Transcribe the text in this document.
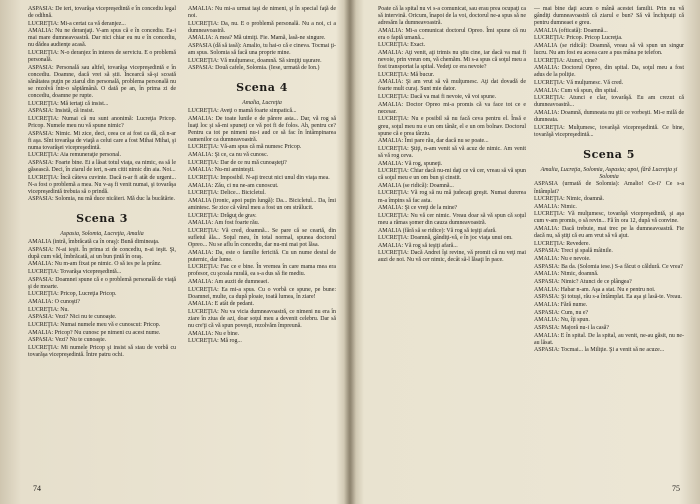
ASPASIA: De ieri, tovarăşa vicepreşedintă e în concediu legal de odihnă.

LUCREŢIA: Mi-a certat ca vă deranjez...

AMALIA: Nu ne deranjaţi. V-am spus că e în concediu. Ea-i mai mare dumneavoastră. Dar nici chiar eu nu e în concediu, nu dădea audienţe acasă.

LUCREŢIA: N-o deranjez în interes de serviciu. E o problemă personală.

ASPASIA: Personală sau altfel, tovarăşa vicepreşedintă e în concediu. Doamne, dacă vrei să știi. Încearcă să-şi scoată sănătatea puţin pe ziarul din personală, problema personală nu se rezolvă într-o săptămână. O dată pe an, în prima zi de concediu, doamne pe rupte.

LUCREŢIA: Mă iertaţi că insist...

ASPASIA: Insistă, că insist.

LUCREŢIA: Numai că nu sunt anonimă: Lucreţia Pricop. Pricop. Numele meu nu vă spune nimic?

ASPASIA: Nimic. Mi zice, deci, ceea ce ai fost ca dă, că n-ar fi aşa. Sînt tovarăşa de viaţă a celui care a fost Mihai Mihai, şi numa tovarăşei vicepreşedintă.

LUCREŢIA: Aia remuneraţie personal.

ASPASIA: Foarte bine. Ei a lăsat totul viaţa, ea nimic, ea să le găsească. Deci, în ziarul de ieri, n-am citit nimic din aia. Noi...

LUCREŢIA: Încă câteva cuvinte. Dacă n-ar fi atât de urgent... N-a fost o problemă a mea. Nu v-aş fi venit numai, şi tovarăşa vicepreşedintă trebuia să o prindă.

ASPASIA: Solomia, nu mă duce nicăieri. Mă duc la bucătărie.

Scena 3

Aspasia, Solomia, Lucreţia, Amalia

AMALIA (intră, îmbrăcată ca în oraş): Bună dimineaţa.

ASPASIA: N-ai ieşit. În prima zi de concediu, n-ai ieşit. Şi, după cum văd, îmbrăcată, ai un bun ţintă în oraş.

AMALIA: Nu m-am fixat pe nimic. O să ies pe la prânz.

LUCREŢIA: Tovarăşa vicepreşedintă...

ASPASIA: Doamnei spune că e o problemă personală de viaţă şi de moarte.

LUCREŢIA: Pricop, Lucreţia Pricop.

AMALIA: O cunoşti?

LUCREŢIA: Nu.

ASPASIA: Vezi? Nici nu te cunoaşte.

LUCREŢIA: Numai numele meu vă e cunoscut: Pricop.

AMALIA: Pricop? Nu cunosc pe nimeni cu acest nume.

ASPASIA: Vezi? Nu te cunoaşte.

LUCREŢIA: Mi numele Pricop şi insist să stau de vorbă cu tovarăşa vicepreşedintă. Între patru ochi.

AMALIA: Nu mi-a urmat iaşi de nimeni, şi în special faţă de noi.

LUCREŢIA: Da, nu. E o problemă personală. Nu a noi, ci a dumneavoastră.

AMALIA: A mea? Mă uimiţi. Fie. Mamă, lasă-ne singure.

ASPASIA (dă să iasă): Amalio, tu hai-o că e cineva. Tocmai ţi-am spus. Solomia să facă una proprie mine.

LUCREŢIA: Vă mulţumesc, doamnă. Să simţiţi uşurare.

ASPASIA: Două cafele, Solomia. (Iese, urmată de Ion.)

Scena 4

Amalia, Lucreţia

LUCREŢIA: Aveţi o mamă foarte simpatică...

AMALIA: De toate lunile e de părere asta... Dar, vă rog să luaţi loc şi să-mi spuneţi ce vă pot fi de folos. Ah, pentru ce? Pentru ca tot pe nimeni nu-i aud ce să fac în întâmpinarea oamenilor ca dumneavoastră.

LUCREŢIA: Vă-am spus că mă numesc Pricop.

AMALIA: Şi ce, ca nu vă cunosc.

LUCREŢIA: Dar de ce nu mă cunoaşteţi?

AMALIA: Nu-mi aminteşti.

LUCREŢIA: Imposibil. N-aţi trecut nici unul din viaţa mea.

AMALIA: Zău, ci nu ne-am cunoscut.

LUCREŢIA: Delice... Bicicletul.

AMALIA (ironic, apoi puţin lungă): Da... Bicicletul... Da, îmi amintesc. Se zice că vărul meu a fost un om strălucit.

LUCREŢIA: Drăguţ de grav.

AMALIA: Am fost foarte rău.

LUCREŢIA: Vă cred, doamnă... Se pare că se ceartă, din sufletul ăla... Soţul meu, în total normal, spunea doctorul Opreo... Nu se aflu în concediu, dar nu-mi mai pot lăsa.

AMALIA: Da, este o familie fericită. Cu un nume destul de puternic, dar lume.

LUCREŢIA: Fac ce e bine. În vremea în care mama mea era profesor, cu şcoala rurală, ea s-a dus să fie mediu.

AMALIA: Am auzit de dumneaei.

LUCREŢIA: Ea mi-a spus. Cu o vorbă ce spune, pe bune: Doamnei, multe, ca după ploaie, toată lumea, în ziare!

AMALIA: E atât de pedant.

LUCREŢIA: Nu va vicia dumneavoastră, ce nimeni nu era în ziare în ziua de azi, doar soţul meu a devenit celebru. Dar să nu cre'ţi că vă spun poveşti, rezolvăm împreună.

AMALIA: Nu e bine.

LUCREŢIA: Mă rog...

74

Poate că la spital nu vi s-a comunicat, sau erau prea ocupaţi ca să intervină. Oricum, înapoi de la voi, doctorul ne-a spus să ne adresăm la dumneavoastră.

AMALIA: Mi-a comunicat doctorul Opreo. Îmi spune că nu era o faptă umană...

LUCREŢIA: Exact.

AMALIA: Aţi venit, aţi trimis nu ştiu cine, iar dacă va mai fi nevoie, prin vreun om, vă chemăm. Mi s-a spus că soţul meu a fost transportat la spital. Vedeţi ce era nevoie?

LUCREŢIA: Mă bucur.

AMALIA: Şi am vrut să vă mulţumesc. Aţi dat dovadă de foarte mult curaj. Sunt mie dator.

LUCREŢIA: Dacă va mai fi nevoie, vă voi spune.

AMALIA: Doctor Opreo mi-a promis că va face tot ce e necesar.

LUCREŢIA: Nu e posibil să nu facă ceva pentru el. Însă e greu, soţul meu nu e un om tânăr, el e un om bolnav. Doctorul spune că e prea târziu.

AMALIA: Îmi pare rău, dar dacă nu se poate...

LUCREŢIA: Ştiţi, n-am venit să vă acuz de nimic. Am venit să vă rog ceva.

AMALIA: Vă rog, spuneţi.

LUCREŢIA: Chiar dacă nu-mi daţi ce vă cer, vreau să vă spun că soţul meu e un om bun şi cinstit.

AMALIA (se ridică): Doamnă...

LUCREŢIA: Vă rog să nu mă judecaţi greşit. Numai durerea m-a împins să fac asta.

AMALIA: Şi ce vreţi de la mine?

LUCREŢIA: Nu vă cer nimic. Vreau doar să vă spun că soţul meu a rămas şomer din cauza dumneavoastră.

AMALIA (fără să se ridice): Vă rog să ieşiţi afară.

LUCREŢIA: Doamnă, gândiţi-vă, e în joc viaţa unui om.

AMALIA: Vă rog să ieşiţi afară...

LUCREŢIA: Dacă Andrei îşi revine, vă promit că nu veţi mai auzi de noi. Nu vă cer nimic, decât să-l lăsaţi în pace.

— mai bine daţi acum o mână acestei familii. Prin nu vă gândiţi dumneavoastră că ziarul e bun? Să vă închipuiţi că pentru dumneaei e greu.

AMALIA (ofticată): Doamnă...

LUCREŢIA: Pricop. Pricop Lucreţia.

AMALIA (se ridică): Doamnă, vreau să vă spun un singur lucru. Nu am fost eu aceea care a pus mâna pe telefon.

LUCREŢIA: Atunci, cine?

AMALIA: Doctorul Opreo, din spital. Da, soţul meu a fost adus de la poliţie.

LUCREŢIA: Vă mulţumesc. Vă cred.

AMALIA: Cum vă spun, din spital.

LUCREŢIA: Atunci e clar, tovarăşă. Eu am crezut că dumneavoastră...

AMALIA: Doamnă, dumneata nu ştii ce vorbeşti. Mi-e milă de dumneata.

LUCREŢIA: Mulţumesc, tovarăşă vicepreşedintă. Ce bine, tovarăşă vicepreşedintă...

Scena 5

Amalia, Lucreţia, Solomia, Aspasia; apoi, fără Lucreţia şi Solomia

ASPASIA (urmată de Solomia): Amalio! Ce-i? Ce s-a întâmplat?

LUCREŢIA: Nimic, doamnă.

AMALIA: Nimic.

LUCREŢIA: Vă mulţumesc, tovarăşă vicepreşedintă, şi aşa cum v-am promis, o să revin... Fă în ora 12, după vă convine.

AMALIA: Dacă trebuie, mai trec pe la dumneavoastră. Fie dacă nu, să ştiţi că eu am vrut să vă ajut.

LUCREŢIA: Revedere.

ASPASIA: Treci şi spală mâinile.

AMALIA: Nu e nevoie.

ASPASIA: Ba da. (Solomia iese.) S-a făcut o căldură. Ce vrea?

AMALIA: Nimic, doamnă.

ASPASIA: Nimic? Atunci de ce plângea?

AMALIA: Habar n-am. Aşa a stat. Nu e pentru noi.

ASPASIA: Şi totuşi, rău s-a întâmplat. Ea aşa şi lasă-te. Vreau.

AMALIA: Fără nume.

ASPASIA: Cum, nu e?

AMALIA: Nu, îţi spun.

ASPASIA: Majoră nu-i la casă?

AMALIA: E în spital. De la spital, au venit, ne-au găsit, nu ne-au lăsat.

ASPASIA: Tocmai... la Miliţie. Şi a venit să ne acuze...

75
